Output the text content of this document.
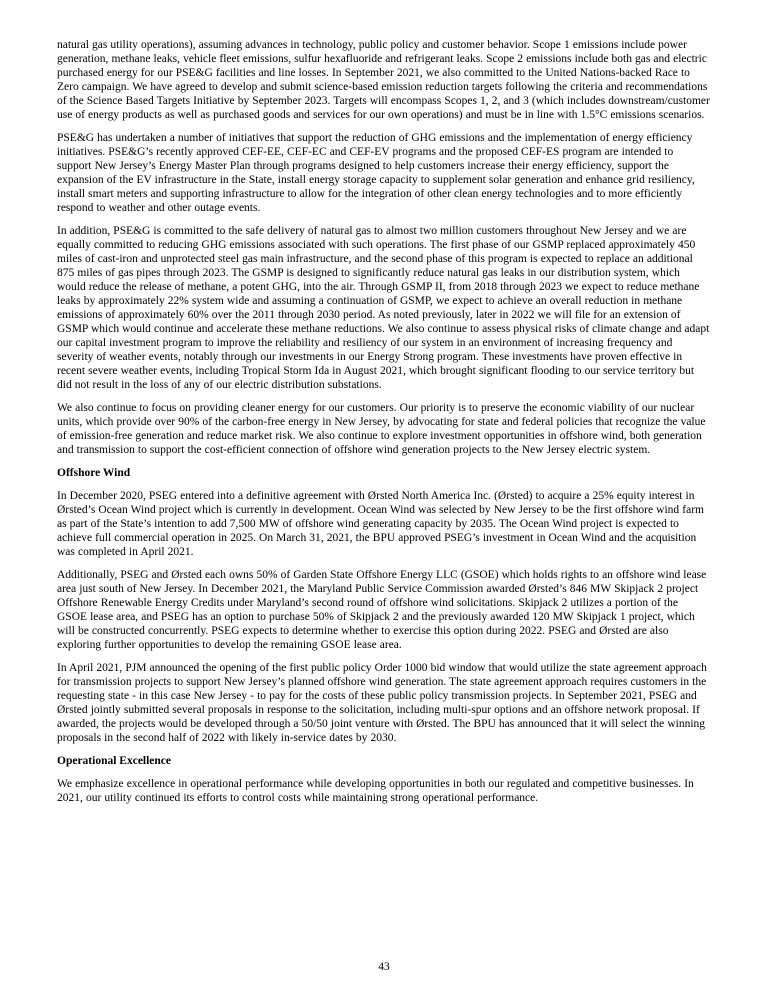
natural gas utility operations), assuming advances in technology, public policy and customer behavior. Scope 1 emissions include power generation, methane leaks, vehicle fleet emissions, sulfur hexafluoride and refrigerant leaks. Scope 2 emissions include both gas and electric purchased energy for our PSE&G facilities and line losses. In September 2021, we also committed to the United Nations-backed Race to Zero campaign. We have agreed to develop and submit science-based emission reduction targets following the criteria and recommendations of the Science Based Targets Initiative by September 2023. Targets will encompass Scopes 1, 2, and 3 (which includes downstream/customer use of energy products as well as purchased goods and services for our own operations) and must be in line with 1.5°C emissions scenarios.

PSE&G has undertaken a number of initiatives that support the reduction of GHG emissions and the implementation of energy efficiency initiatives. PSE&G’s recently approved CEF-EE, CEF-EC and CEF-EV programs and the proposed CEF-ES program are intended to support New Jersey’s Energy Master Plan through programs designed to help customers increase their energy efficiency, support the expansion of the EV infrastructure in the State, install energy storage capacity to supplement solar generation and enhance grid resiliency, install smart meters and supporting infrastructure to allow for the integration of other clean energy technologies and to more efficiently respond to weather and other outage events.

In addition, PSE&G is committed to the safe delivery of natural gas to almost two million customers throughout New Jersey and we are equally committed to reducing GHG emissions associated with such operations. The first phase of our GSMP replaced approximately 450 miles of cast-iron and unprotected steel gas main infrastructure, and the second phase of this program is expected to replace an additional 875 miles of gas pipes through 2023. The GSMP is designed to significantly reduce natural gas leaks in our distribution system, which would reduce the release of methane, a potent GHG, into the air. Through GSMP II, from 2018 through 2023 we expect to reduce methane leaks by approximately 22% system wide and assuming a continuation of GSMP, we expect to achieve an overall reduction in methane emissions of approximately 60% over the 2011 through 2030 period. As noted previously, later in 2022 we will file for an extension of GSMP which would continue and accelerate these methane reductions. We also continue to assess physical risks of climate change and adapt our capital investment program to improve the reliability and resiliency of our system in an environment of increasing frequency and severity of weather events, notably through our investments in our Energy Strong program. These investments have proven effective in recent severe weather events, including Tropical Storm Ida in August 2021, which brought significant flooding to our service territory but did not result in the loss of any of our electric distribution substations.

We also continue to focus on providing cleaner energy for our customers. Our priority is to preserve the economic viability of our nuclear units, which provide over 90% of the carbon-free energy in New Jersey, by advocating for state and federal policies that recognize the value of emission-free generation and reduce market risk. We also continue to explore investment opportunities in offshore wind, both generation and transmission to support the cost-efficient connection of offshore wind generation projects to the New Jersey electric system.

Offshore Wind

In December 2020, PSEG entered into a definitive agreement with Ørsted North America Inc. (Ørsted) to acquire a 25% equity interest in Ørsted’s Ocean Wind project which is currently in development. Ocean Wind was selected by New Jersey to be the first offshore wind farm as part of the State’s intention to add 7,500 MW of offshore wind generating capacity by 2035. The Ocean Wind project is expected to achieve full commercial operation in 2025. On March 31, 2021, the BPU approved PSEG’s investment in Ocean Wind and the acquisition was completed in April 2021.

Additionally, PSEG and Ørsted each owns 50% of Garden State Offshore Energy LLC (GSOE) which holds rights to an offshore wind lease area just south of New Jersey. In December 2021, the Maryland Public Service Commission awarded Ørsted’s 846 MW Skipjack 2 project Offshore Renewable Energy Credits under Maryland’s second round of offshore wind solicitations. Skipjack 2 utilizes a portion of the GSOE lease area, and PSEG has an option to purchase 50% of Skipjack 2 and the previously awarded 120 MW Skipjack 1 project, which will be constructed concurrently. PSEG expects to determine whether to exercise this option during 2022. PSEG and Ørsted are also exploring further opportunities to develop the remaining GSOE lease area.

In April 2021, PJM announced the opening of the first public policy Order 1000 bid window that would utilize the state agreement approach for transmission projects to support New Jersey’s planned offshore wind generation. The state agreement approach requires customers in the requesting state - in this case New Jersey - to pay for the costs of these public policy transmission projects. In September 2021, PSEG and Ørsted jointly submitted several proposals in response to the solicitation, including multi-spur options and an offshore network proposal. If awarded, the projects would be developed through a 50/50 joint venture with Ørsted. The BPU has announced that it will select the winning proposals in the second half of 2022 with likely in-service dates by 2030.

Operational Excellence

We emphasize excellence in operational performance while developing opportunities in both our regulated and competitive businesses. In 2021, our utility continued its efforts to control costs while maintaining strong operational performance.

43
